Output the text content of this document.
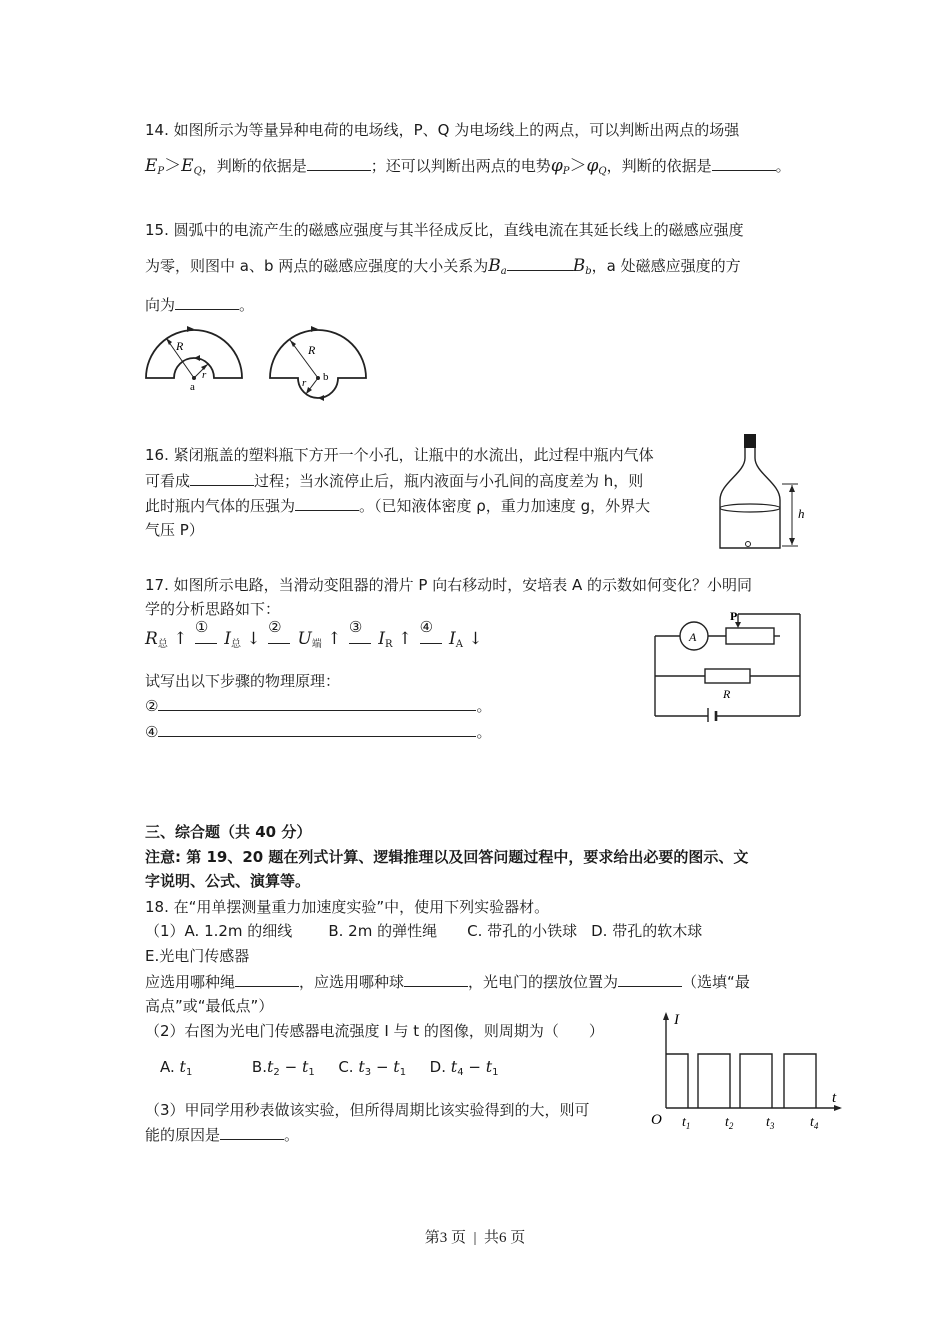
14. 如图所示为等量异种电荷的电场线，P、Q 为电场线上的两点，可以判断出两点的场强
$E_P>E_Q$，判断的依据是	；还可以判断出两点的电势$\varphi_P>\varphi_Q$，判断的依据是	。
15. 圆弧中的电流产生的磁感应强度与其半径成反比，直线电流在其延长线上的磁感应强度
为零，则图中 a、b 两点的磁感应强度的大小关系为$B_a$	$B_b$，a 处磁感应强度的方
向为	。
R
r
a
R
r b
16. 紧闭瓶盖的塑料瓶下方开一个小孔，让瓶中的水流出，此过程中瓶内气体
可看成	过程；当水流停止后，瓶内液面与小孔间的高度差为 h，则
此时瓶内气体的压强为	。（已知液体密度 ρ，重力加速度 g，外界大
气压 P）
h
17. 如图所示电路，当滑动变阻器的滑片 P 向右移动时，安培表 A 的示数如何变化？小明同
学的分析思路如下：
$R_总$ ↑
①
$I_总$ ↓
②
$U_端$ ↑
③
$I_R$ ↑
④
$I_A$ ↓
试写出以下步骤的物理原理：
②	。
④	。
A
P
R
三、综合题（共 40 分）
注意: 第 19、20 题在列式计算、逻辑推理以及回答问题过程中，要求给出必要的图示、文
字说明、公式、演算等。
18. 在“用单摆测量重力加速度实验”中，使用下列实验器材。
（1）A. 1.2m 的细线 B. 2m 的弹性绳 C. 带孔的小铁球 D. 带孔的软木球
E.光电门传感器
应选用哪种绳	，应选用哪种球	，光电门的摆放位置为	（选填“最
高点”或“最低点”）
（2）右图为光电门传感器电流强度 I 与 t 的图像，则周期为（　　）
A. $t_1$	$B.t_2 - t_1$ C. $t_3 - t_1$ D. $t_4 - t_1$
（3）甲同学用秒表做该实验，但所得周期比该实验得到的大，则可
能的原因是	。
I
t
O $t_1$ $t_2$ $t_3$	$t_4$
第3 页  |  共6 页
